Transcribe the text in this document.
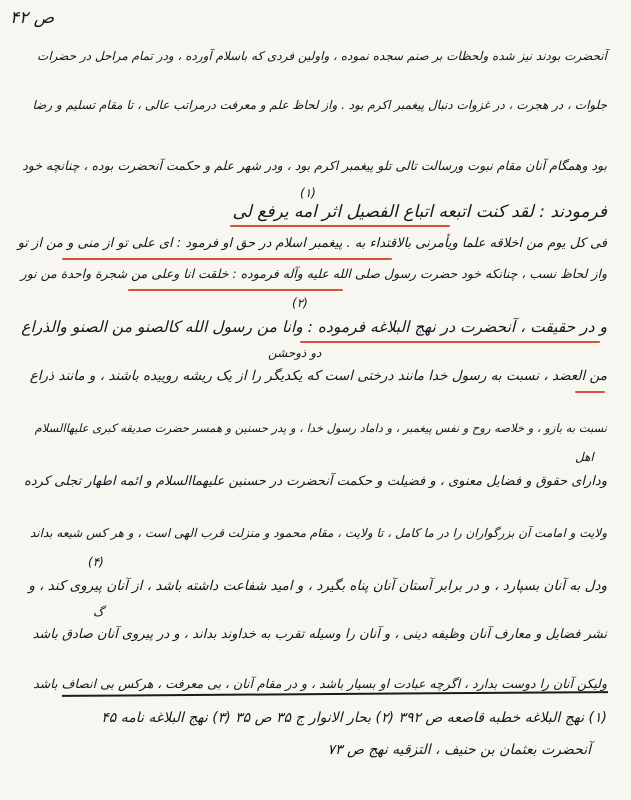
ص ۴۲
آنحضرت بودند نیز شده ولحظات بر صنم سجده نموده ، واولین فردی که باسلام آورده ، ودر تمام مراحل در حضرات
جلوات ، در هجرت ، در غزوات دنبال پیغمبر اکرم بود . واز لحاظ علم و معرفت درمراتب عالی ، تا مقام تسلیم و رضا
بود وهمگام آنان مقام نبوت ورسالت تالی تلو پیغمبر اکرم بود ، ودر شهر علم و حکمت آنحضرت بوده ، چنانچه خود
فرمودند : لقد کنت اتبعه اتباع الفصیل اثر امه یرفع لی
فی کل یوم من اخلاقه علما ویأمرنی بالاقتداء به . پیغمبر اسلام در حق او فرمود : ای علی تو از منی و من از تو
واز لحاظ نسب ، چنانکه خود حضرت رسول صلی الله علیه وآله فرموده : خلقت انا وعلی من شجرة واحدة من نور
و در حقیقت ، آنحضرت در نهج البلاغه فرموده : وانا من رسول الله کالصنو من الصنو والذراع
من العضد ، نسبت به رسول خدا مانند درختی است که یکدیگر را از یک ریشه روییده باشند ، و مانند ذراع
نسبت به بازو ، و خلاصه روح و نفس پیغمبر ، و داماد رسول خدا ، و پدر حسنین و همسر حضرت صدیقه کبری علیهاالسلام
ودارای حقوق و فضایل معنوی ، و فضیلت و حکمت آنحضرت در حسنین علیهماالسلام و ائمه اطهار تجلی کرده
ولایت و امامت آن بزرگواران را در ما کامل ، تا ولایت ، مقام محمود و منزلت قرب الهی است ، و هر کس شیعه بداند
ودل به آنان بسپارد ، و در برابر آستان آنان پناه بگیرد ، و امید شفاعت داشته باشد ، از آنان پیروی کند ، و
نشر فضایل و معارف آنان وظیفه دینی ، و آنان را وسیله تقرب به خداوند بداند ، و در پیروی آنان صادق باشد
ولیکن آنان را دوست بدارد ، اگرچه عبادت او بسیار باشد ، و در مقام آنان ، بی معرفت ، هرکس بی انصاف باشد
(۱)
(۲)
دو ذوحشن
اهل
(۴)
گ
(۱) نهج البلاغه خطبه قاصعه ص ۳۹۲ (۲) بحار الانوار ج ۳۵ ص ۳۵ (۳) نهج البلاغه نامه ۴۵
آنحضرت بعثمان بن حنیف ، التزقیه نهج ص ۷۳
